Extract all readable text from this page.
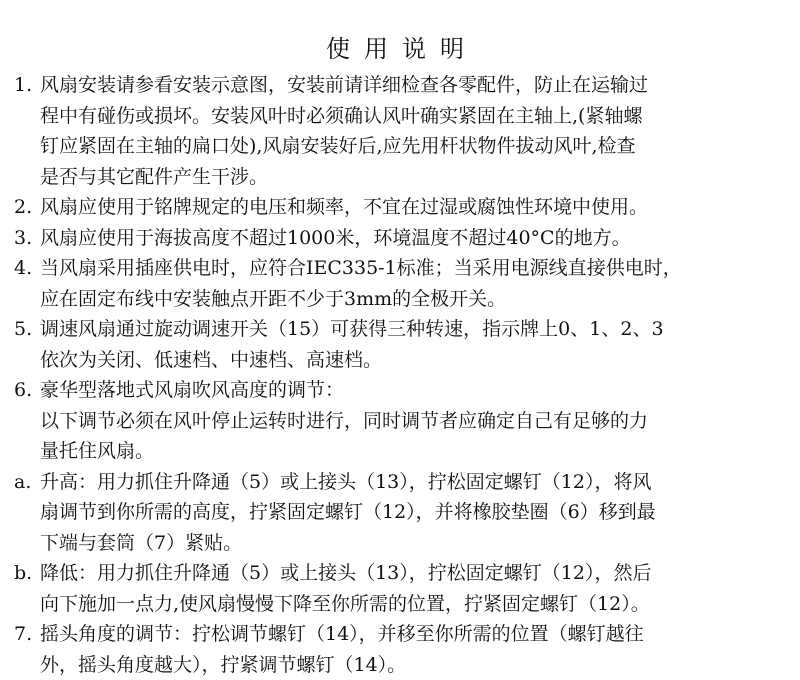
使用说明
1. 风扇安装请参看安装示意图，安装前请详细检查各零配件，防止在运输过
程中有碰伤或损坏。安装风叶时必须确认风叶确实紧固在主轴上,(紧轴螺
钉应紧固在主轴的扁口处),风扇安装好后,应先用杆状物件拔动风叶,检查
是否与其它配件产生干涉。
2. 风扇应使用于铭牌规定的电压和频率，不宜在过湿或腐蚀性环境中使用。
3. 风扇应使用于海拔高度不超过1000米，环境温度不超过40°C的地方。
4. 当风扇采用插座供电时，应符合IEC335-1标准；当采用电源线直接供电时，
应在固定布线中安装触点开距不少于3mm的全极开关。
5. 调速风扇通过旋动调速开关（15）可获得三种转速，指示牌上0、1、2、3
依次为关闭、低速档、中速档、高速档。
6. 豪华型落地式风扇吹风高度的调节：
以下调节必须在风叶停止运转时进行，同时调节者应确定自己有足够的力
量托住风扇。
a. 升高：用力抓住升降通（5）或上接头（13），拧松固定螺钉（12），将风
扇调节到你所需的高度，拧紧固定螺钉（12），并将橡胶垫圈（6）移到最
下端与套筒（7）紧贴。
b. 降低：用力抓住升降通（5）或上接头（13），拧松固定螺钉（12），然后
向下施加一点力,使风扇慢慢下降至你所需的位置，拧紧固定螺钉（12）。
7. 摇头角度的调节：拧松调节螺钉（14），并移至你所需的位置（螺钉越往
外，摇头角度越大），拧紧调节螺钉（14）。
